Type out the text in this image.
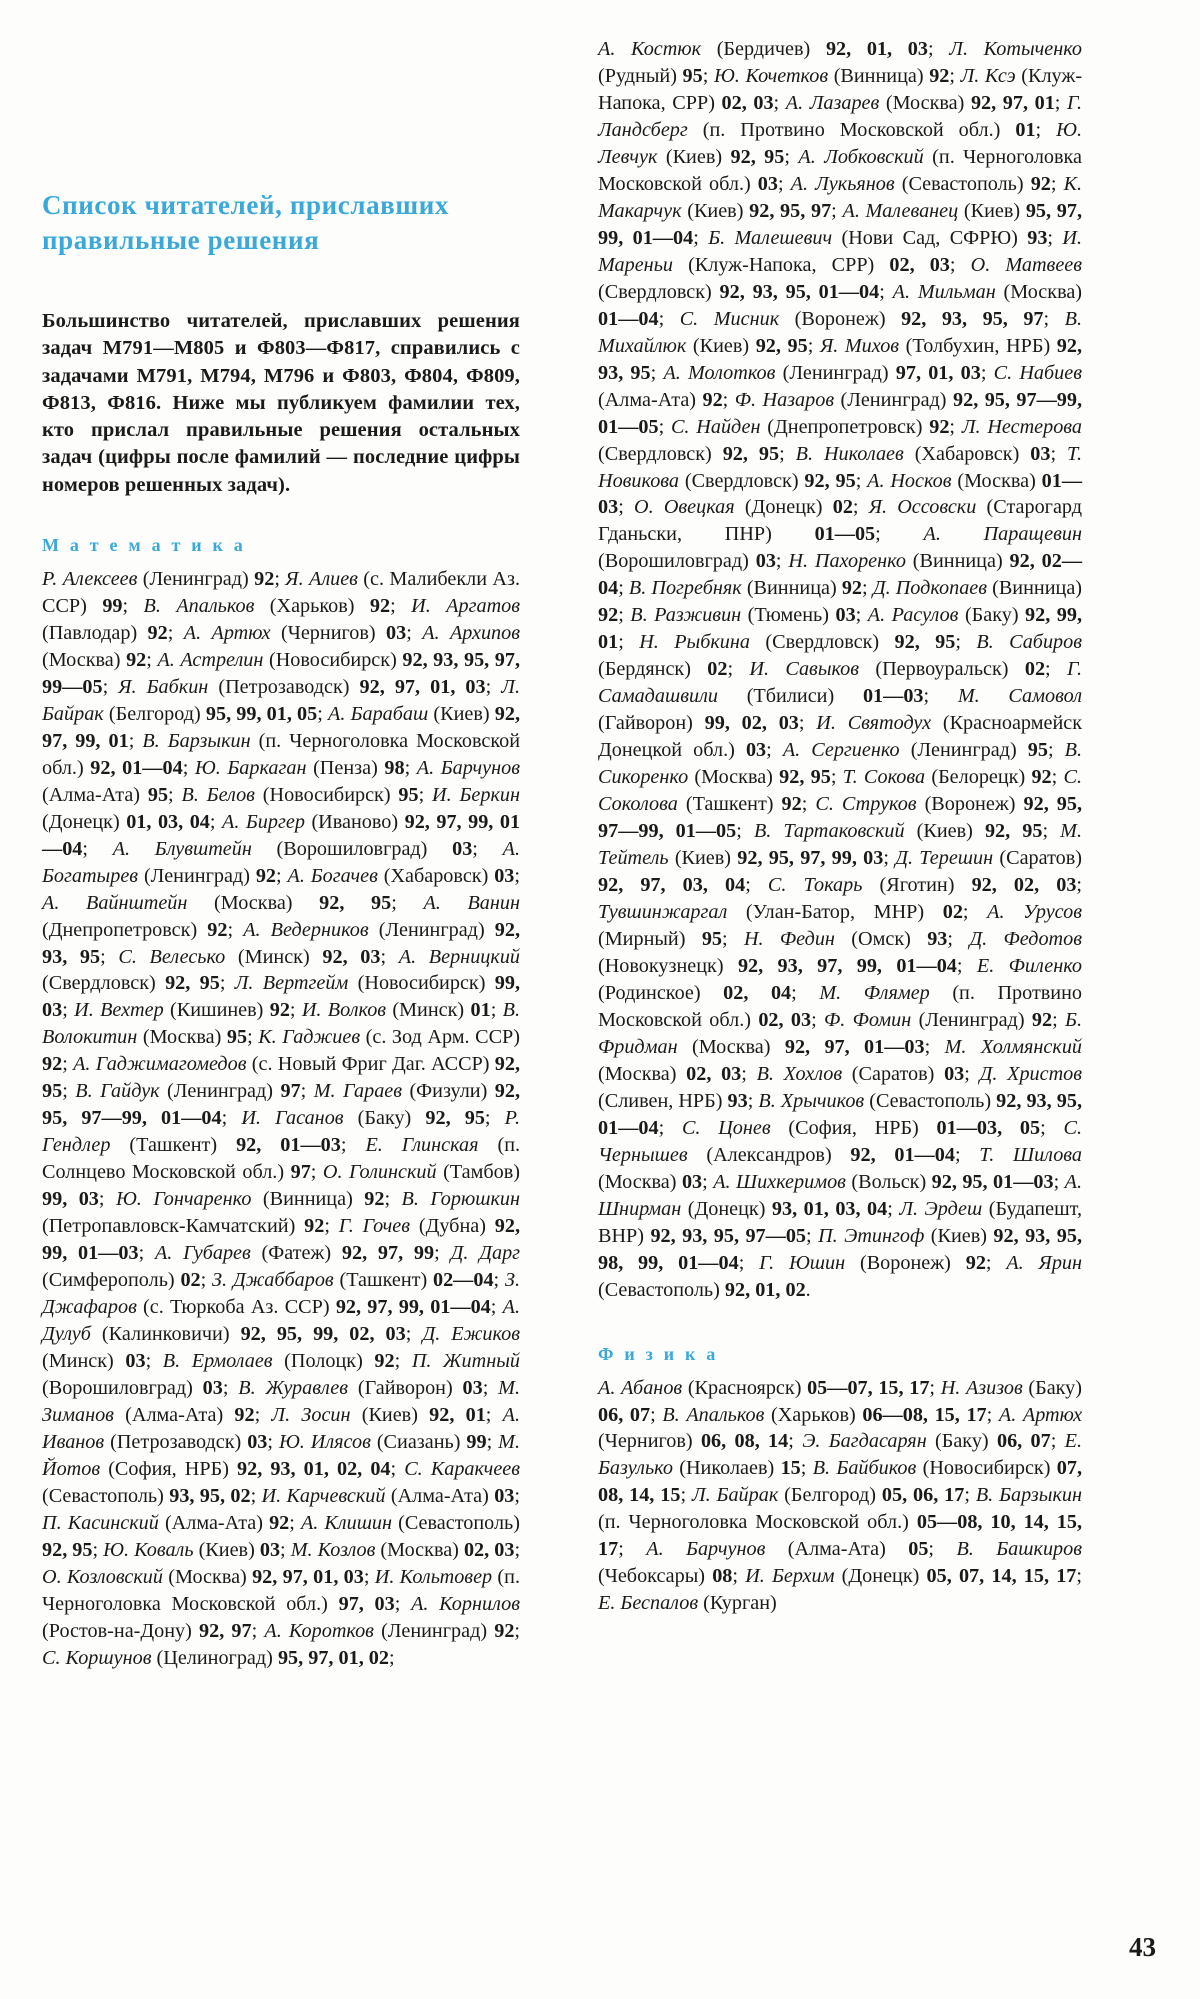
Список читателей, приславших правильные решения
Большинство читателей, приславших решения задач М791—М805 и Ф803—Ф817, справились с задачами М791, М794, М796 и Ф803, Ф804, Ф809, Ф813, Ф816. Ниже мы публикуем фамилии тех, кто прислал правильные решения остальных задач (цифры после фамилий — последние цифры номеров решенных задач).
М а т е м а т и к а
Р. Алексеев (Ленинград) 92; Я. Алиев (с. Малибекли Аз. ССР) 99; В. Апальков (Харьков) 92; И. Аргатов (Павлодар) 92; А. Артюх (Чернигов) 03; А. Архипов (Москва) 92; А. Астрелин (Новосибирск) 92, 93, 95, 97, 99—05; Я. Бабкин (Петрозаводск) 92, 97, 01, 03; Л. Байрак (Белгород) 95, 99, 01, 05; А. Барабаш (Киев) 92, 97, 99, 01; В. Барзыкин (п. Черноголовка Московской обл.) 92, 01—04; Ю. Баркаган (Пенза) 98; А. Барчунов (Алма-Ата) 95; В. Белов (Новосибирск) 95; И. Беркин (Донецк) 01, 03, 04; А. Биргер (Иваново) 92, 97, 99, 01—04; А. Блувштейн (Ворошиловград) 03; А. Богатырев (Ленинград) 92; А. Богачев (Хабаровск) 03; А. Вайнштейн (Москва) 92, 95; А. Ванин (Днепропетровск) 92; А. Ведерников (Ленинград) 92, 93, 95; С. Велесько (Минск) 92, 03; А. Верницкий (Свердловск) 92, 95; Л. Вертгейм (Новосибирск) 99, 03; И. Вехтер (Кишинев) 92; И. Волков (Минск) 01; В. Волокитин (Москва) 95; К. Гаджиев (с. Зод Арм. ССР) 92; А. Гаджимагомедов (с. Новый Фриг Даг. АССР) 92, 95; В. Гайдук (Ленинград) 97; М. Гараев (Физули) 92, 95, 97—99, 01—04; И. Гасанов (Баку) 92, 95; Р. Гендлер (Ташкент) 92, 01—03; Е. Глинская (п. Солнцево Московской обл.) 97; О. Голинский (Тамбов) 99, 03; Ю. Гончаренко (Винница) 92; В. Горюшкин (Петропавловск-Камчатский) 92; Г. Гочев (Дубна) 92, 99, 01—03; А. Губарев (Фатеж) 92, 97, 99; Д. Дарг (Симферополь) 02; З. Джаббаров (Ташкент) 02—04; З. Джафаров (с. Тюркоба Аз. ССР) 92, 97, 99, 01—04; А. Дулуб (Калинковичи) 92, 95, 99, 02, 03; Д. Ежиков (Минск) 03; В. Ермолаев (Полоцк) 92; П. Житный (Ворошиловград) 03; В. Журавлев (Гайворон) 03; М. Зиманов (Алма-Ата) 92; Л. Зосин (Киев) 92, 01; А. Иванов (Петрозаводск) 03; Ю. Илясов (Сиазань) 99; М. Йотов (София, НРБ) 92, 93, 01, 02, 04; С. Каракчеев (Севастополь) 93, 95, 02; И. Карчевский (Алма-Ата) 03; П. Касинский (Алма-Ата) 92; А. Клишин (Севастополь) 92, 95; Ю. Коваль (Киев) 03; М. Козлов (Москва) 02, 03; О. Козловский (Москва) 92, 97, 01, 03; И. Кольтовер (п. Черноголовка Московской обл.) 97, 03; А. Корнилов (Ростов-на-Дону) 92, 97; А. Коротков (Ленинград) 92; С. Коршунов (Целиноград) 95, 97, 01, 02;
А. Костюк (Бердичев) 92, 01, 03; Л. Котыченко (Рудный) 95; Ю. Кочетков (Винница) 92; Л. Ксэ (Клуж-Напока, СРР) 02, 03; А. Лазарев (Москва) 92, 97, 01; Г. Ландсберг (п. Протвино Московской обл.) 01; Ю. Левчук (Киев) 92, 95; А. Лобковский (п. Черноголовка Московской обл.) 03; А. Лукьянов (Севастополь) 92; К. Макарчук (Киев) 92, 95, 97; А. Малеванец (Киев) 95, 97, 99, 01—04; Б. Малешевич (Нови Сад, СФРЮ) 93; И. Мареньи (Клуж-Напока, СРР) 02, 03; О. Матвеев (Свердловск) 92, 93, 95, 01—04; А. Мильман (Москва) 01—04; С. Мисник (Воронеж) 92, 93, 95, 97; В. Михайлюк (Киев) 92, 95; Я. Михов (Толбухин, НРБ) 92, 93, 95; А. Молотков (Ленинград) 97, 01, 03; С. Набиев (Алма-Ата) 92; Ф. Назаров (Ленинград) 92, 95, 97—99, 01—05; С. Найден (Днепропетровск) 92; Л. Нестерова (Свердловск) 92, 95; В. Николаев (Хабаровск) 03; Т. Новикова (Свердловск) 92, 95; А. Носков (Москва) 01—03; О. Овецкая (Донецк) 02; Я. Оссовски (Старогард Гданьски, ПНР) 01—05; А. Паращевин (Ворошиловград) 03; Н. Пахоренко (Винница) 92, 02—04; В. Погребняк (Винница) 92; Д. Подкопаев (Винница) 92; В. Разживин (Тюмень) 03; А. Расулов (Баку) 92, 99, 01; Н. Рыбкина (Свердловск) 92, 95; В. Сабиров (Бердянск) 02; И. Савыков (Первоуральск) 02; Г. Самадашвили (Тбилиси) 01—03; М. Самовол (Гайворон) 99, 02, 03; И. Святодух (Красноармейск Донецкой обл.) 03; А. Сергиенко (Ленинград) 95; В. Сикоренко (Москва) 92, 95; Т. Сокова (Белорецк) 92; С. Соколова (Ташкент) 92; С. Струков (Воронеж) 92, 95, 97—99, 01—05; В. Тартаковский (Киев) 92, 95; М. Тейтель (Киев) 92, 95, 97, 99, 03; Д. Терешин (Саратов) 92, 97, 03, 04; С. Токарь (Яготин) 92, 02, 03; Тувшинжаргал (Улан-Батор, МНР) 02; А. Урусов (Мирный) 95; Н. Федин (Омск) 93; Д. Федотов (Новокузнецк) 92, 93, 97, 99, 01—04; Е. Филенко (Родинское) 02, 04; М. Флямер (п. Протвино Московской обл.) 02, 03; Ф. Фомин (Ленинград) 92; Б. Фридман (Москва) 92, 97, 01—03; М. Холмянский (Москва) 02, 03; В. Хохлов (Саратов) 03; Д. Христов (Сливен, НРБ) 93; В. Хрычиков (Севастополь) 92, 93, 95, 01—04; С. Цонев (София, НРБ) 01—03, 05; С. Чернышев (Александров) 92, 01—04; Т. Шилова (Москва) 03; А. Шихкеримов (Вольск) 92, 95, 01—03; А. Шнирман (Донецк) 93, 01, 03, 04; Л. Эрдеш (Будапешт, ВНР) 92, 93, 95, 97—05; П. Этингоф (Киев) 92, 93, 95, 98, 99, 01—04; Г. Юшин (Воронеж) 92; А. Ярин (Севастополь) 92, 01, 02.
Ф и з и к а
А. Абанов (Красноярск) 05—07, 15, 17; Н. Азизов (Баку) 06, 07; В. Апальков (Харьков) 06—08, 15, 17; А. Артюх (Чернигов) 06, 08, 14; Э. Багдасарян (Баку) 06, 07; Е. Базулько (Николаев) 15; В. Байбиков (Новосибирск) 07, 08, 14, 15; Л. Байрак (Белгород) 05, 06, 17; В. Барзыкин (п. Черноголовка Московской обл.) 05—08, 10, 14, 15, 17; А. Барчунов (Алма-Ата) 05; В. Башкиров (Чебоксары) 08; И. Берхим (Донецк) 05, 07, 14, 15, 17; Е. Беспалов (Курган)
43
